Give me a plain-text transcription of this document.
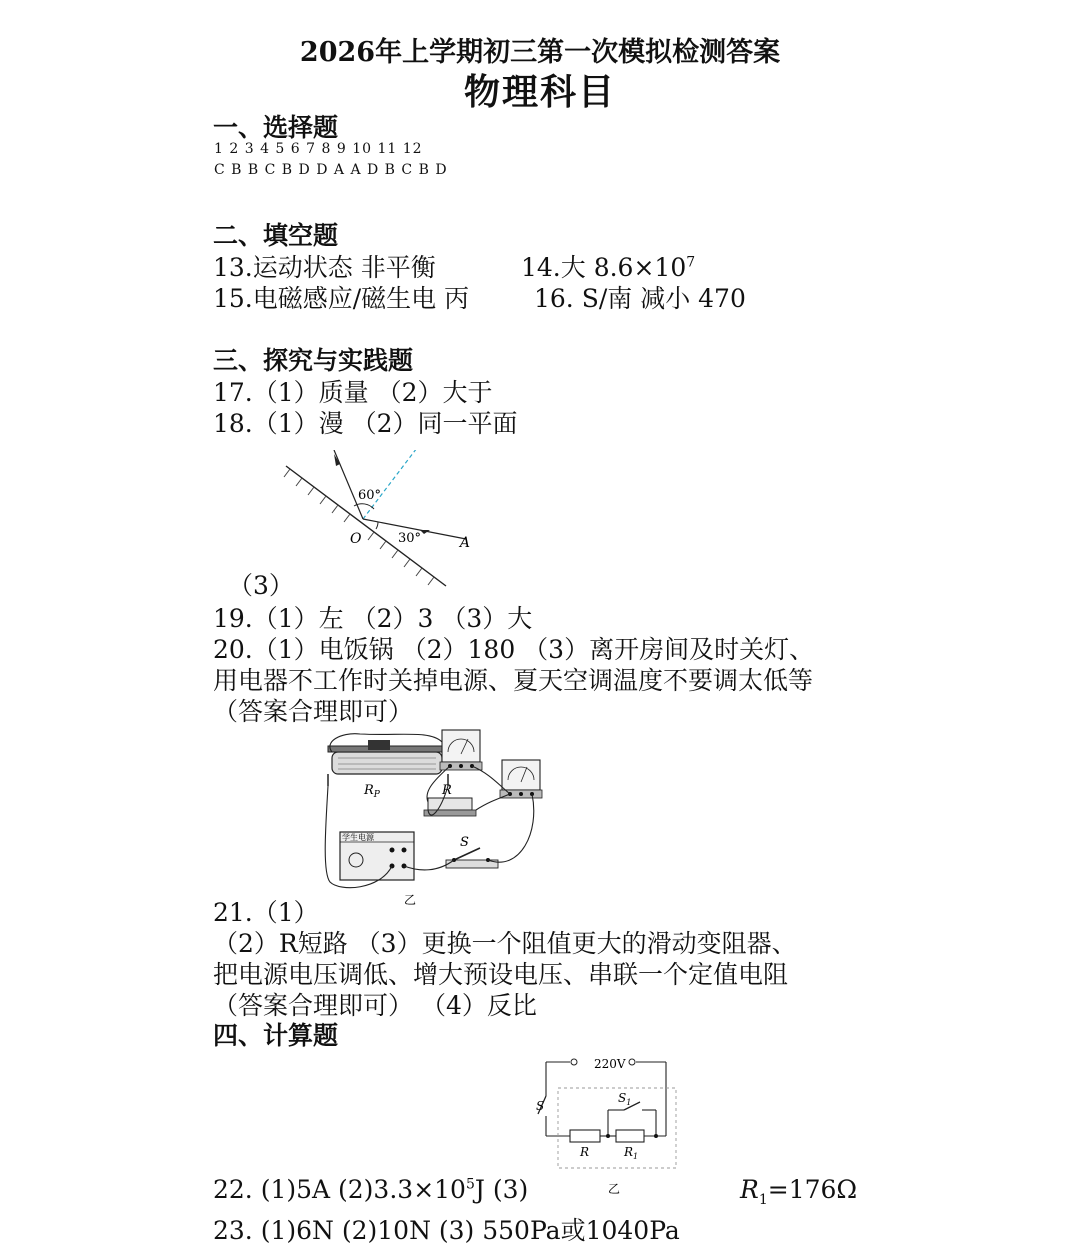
2026年上学期初三第一次模拟检测答案
物理科目
一、选择题
1 2 3 4 5 6 7 8 9 10 11 12
C B B C B D D A A D B C B D
二、填空题
13.运动状态 非平衡	14.大 $8.6\times 10^7$
15.电磁感应/磁生电 丙	16. S/南 减小 470
三、探究与实践题
17.（1）质量 （2）大于
18.（1）漫 （2）同一平面
60°
30°
O	A
（3）
19.（1）左 （2）3 （3）大
20.（1）电饭锅 （2）180 （3）离开房间及时关灯、
用电器不工作时关掉电源、夏天空调温度不要调太低等
（答案合理即可）
$R_P$	R
学生电源	S
乙
21.（1）
（2）R短路 （3）更换一个阻值更大的滑动变阻器、
把电源电压调低、增大预设电压、串联一个定值电阻
（答案合理即可） （4）反比
四、计算题
220V
S
$S_1$
R	$R_1$
乙
22. (1)5A $(2)3.3\times 10^5J$ (3)	$R_1=176\Omega$
23. (1)6N (2)10N (3) 550Pa或1040Pa
